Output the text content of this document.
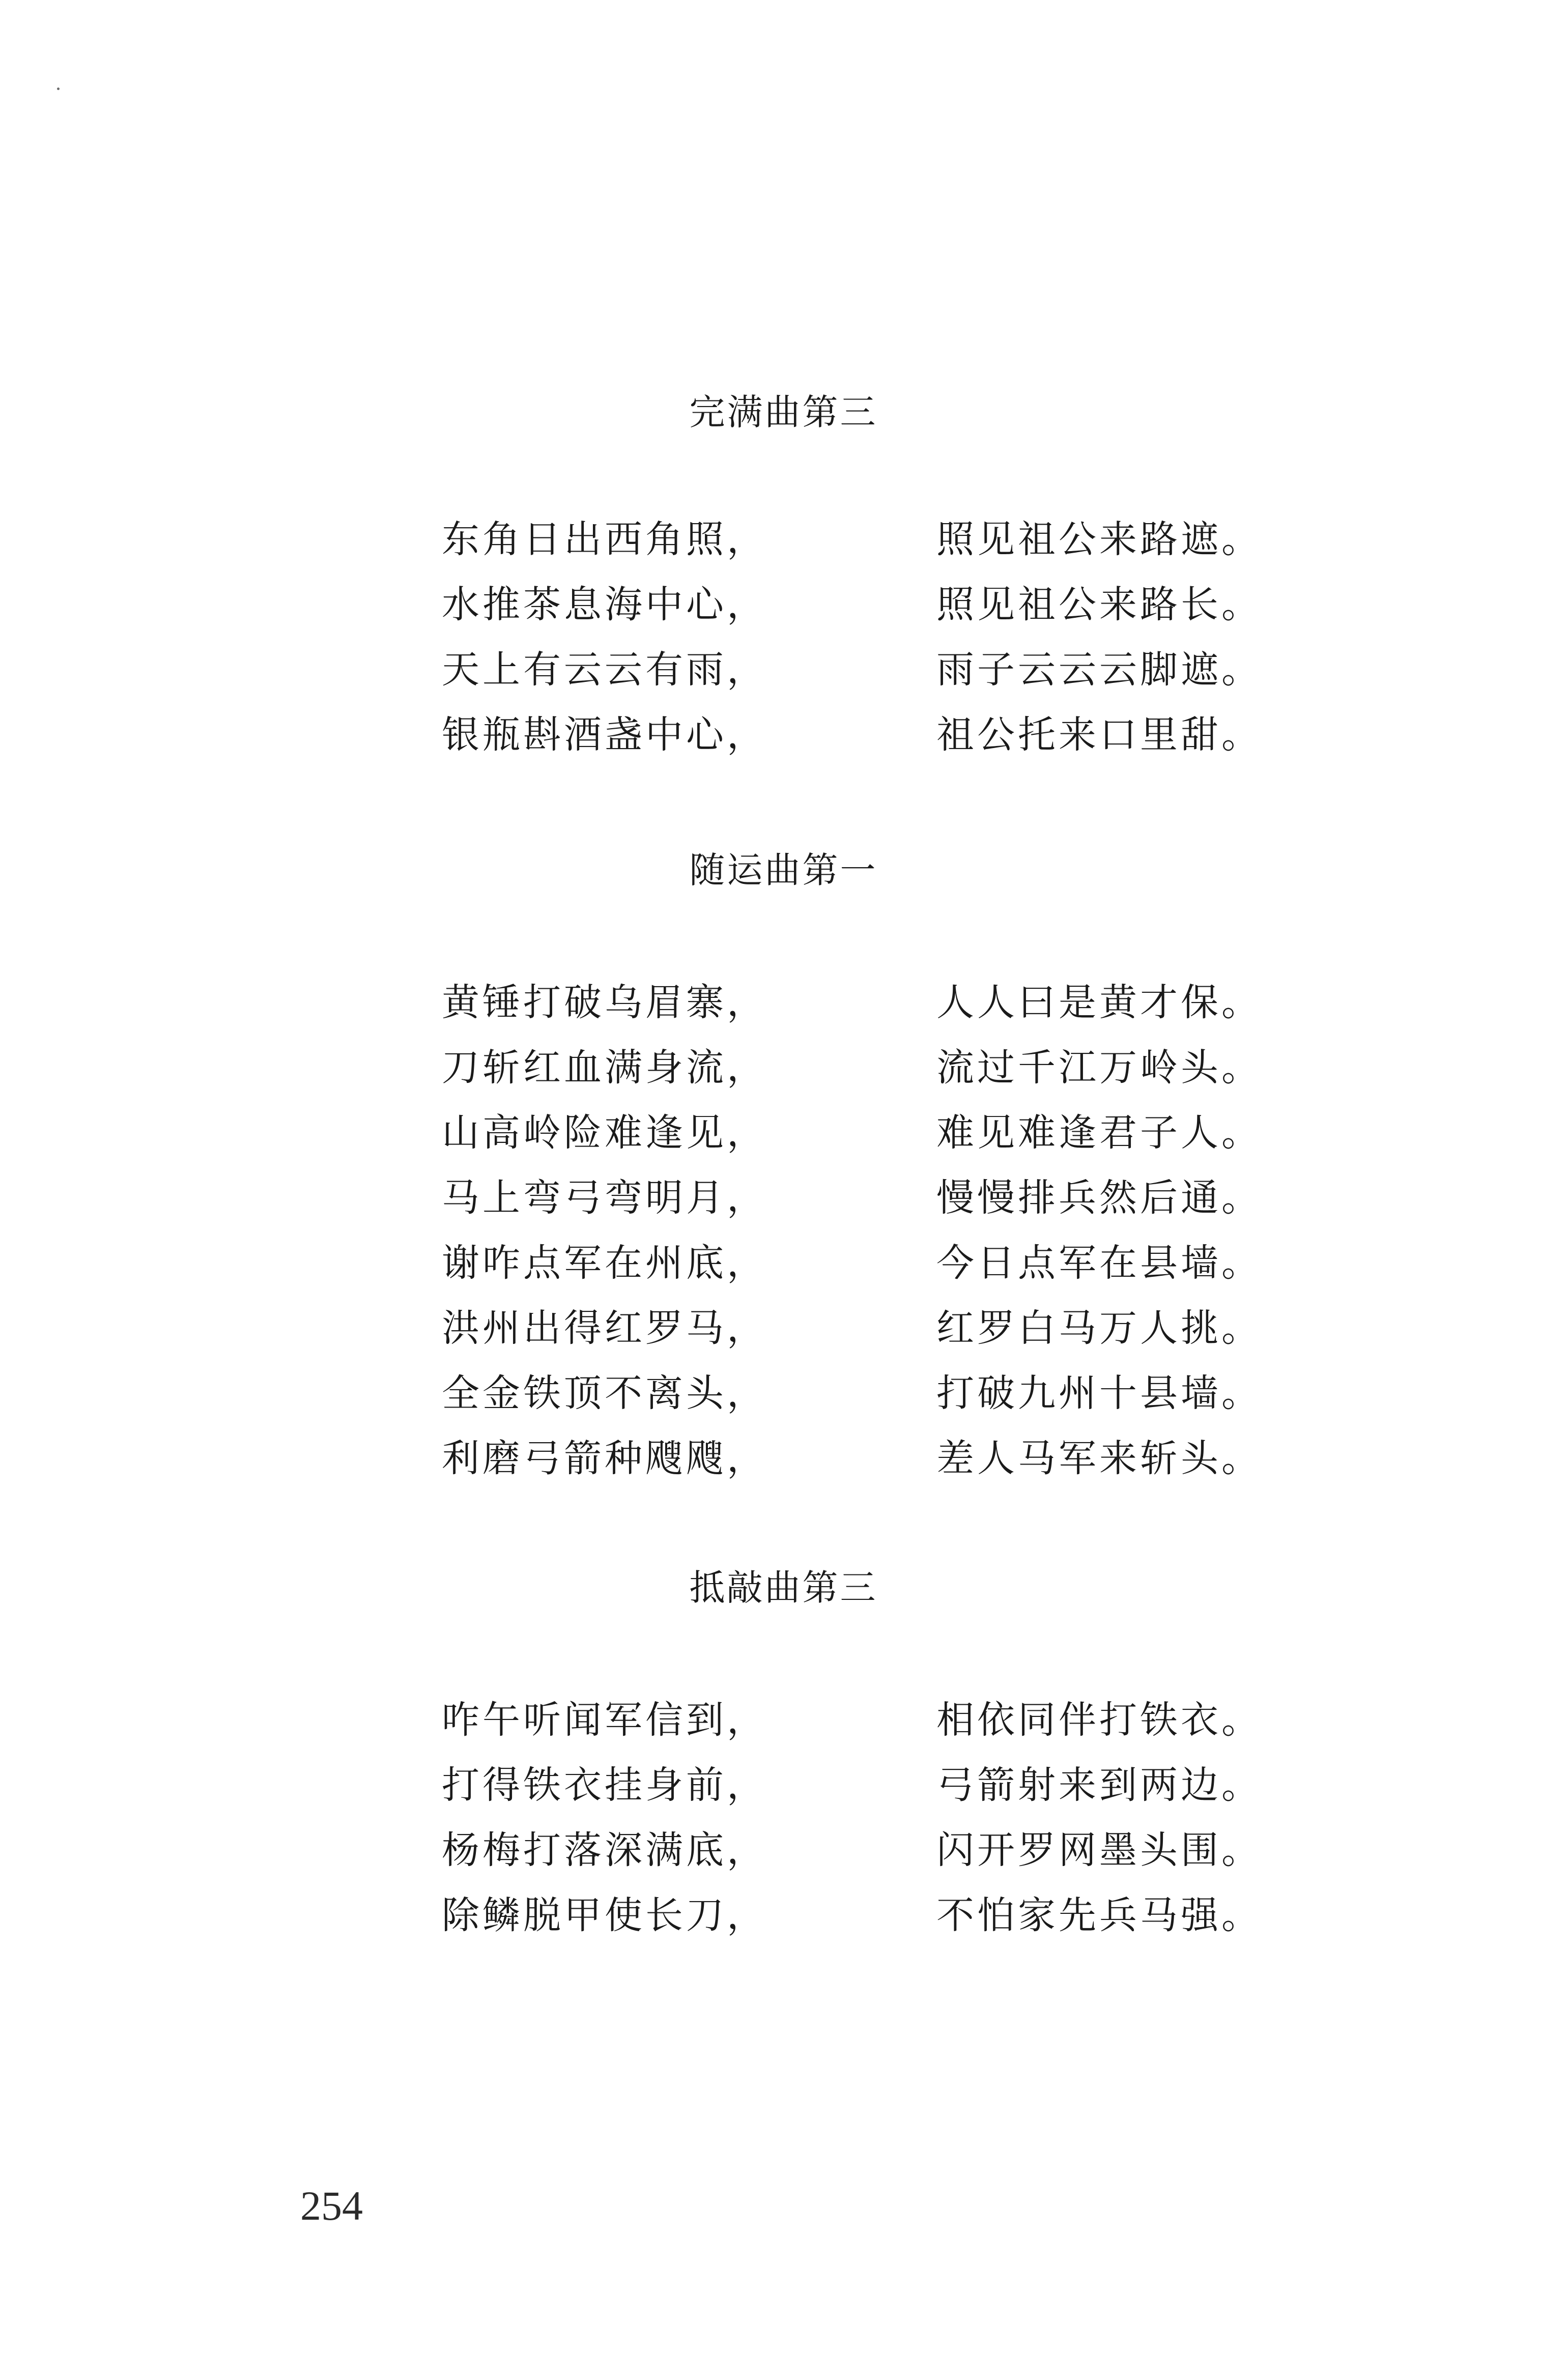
完满曲第三
东角日出西角照，	照见祖公来路遮。
水推茶息海中心，	照见祖公来路长。
天上有云云有雨，	雨子云云云脚遮。
银瓶斟酒盏中心，	祖公托来口里甜。
随运曲第一
黄锤打破乌眉寨，	人人曰是黄才保。
刀斩红血满身流，	流过千江万岭头。
山高岭险难逢见，	难见难逢君子人。
马上弯弓弯明月，	慢慢排兵然后通。
谢咋点军在州底，	今日点军在县墙。
洪州出得红罗马，	红罗白马万人挑。
全金铁顶不离头，	打破九州十县墙。
利磨弓箭种飕飕，	差人马军来斩头。
抵敲曲第三
咋午听闻军信到，	相依同伴打铁衣。
打得铁衣挂身前，	弓箭射来到两边。
杨梅打落深满底，	闪开罗网墨头围。
除鳞脱甲使长刀，	不怕家先兵马强。
254
